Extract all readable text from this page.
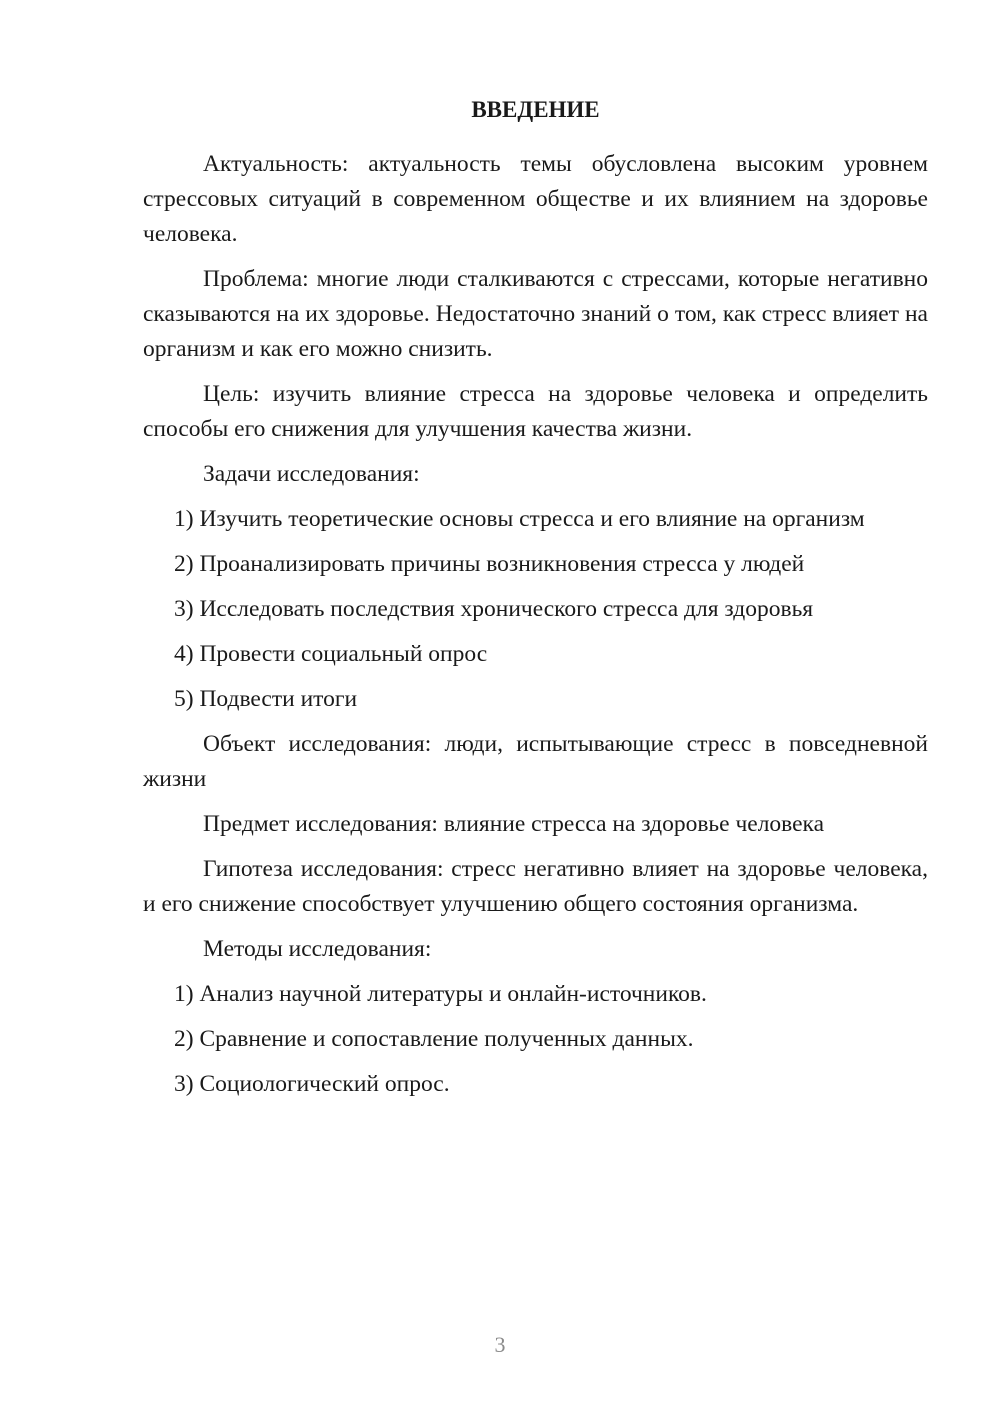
ВВЕДЕНИЕ

Актуальность: актуальность темы обусловлена высоким уровнем стрессовых ситуаций в современном обществе и их влиянием на здоровье человека.

Проблема: многие люди сталкиваются с стрессами, которые негативно сказываются на их здоровье. Недостаточно знаний о том, как стресс влияет на организм и как его можно снизить.

Цель: изучить влияние стресса на здоровье человека и определить способы его снижения для улучшения качества жизни.

Задачи исследования:

1) Изучить теоретические основы стресса и его влияние на организм

2) Проанализировать причины возникновения стресса у людей

3) Исследовать последствия хронического стресса для здоровья

4) Провести социальный опрос

5) Подвести итоги

Объект исследования: люди, испытывающие стресс в повседневной жизни

Предмет исследования: влияние стресса на здоровье человека

Гипотеза исследования: стресс негативно влияет на здоровье человека, и его снижение способствует улучшению общего состояния организма.

Методы исследования:

1) Анализ научной литературы и онлайн-источников.

2) Сравнение и сопоставление полученных данных.

3) Социологический опрос.

3
